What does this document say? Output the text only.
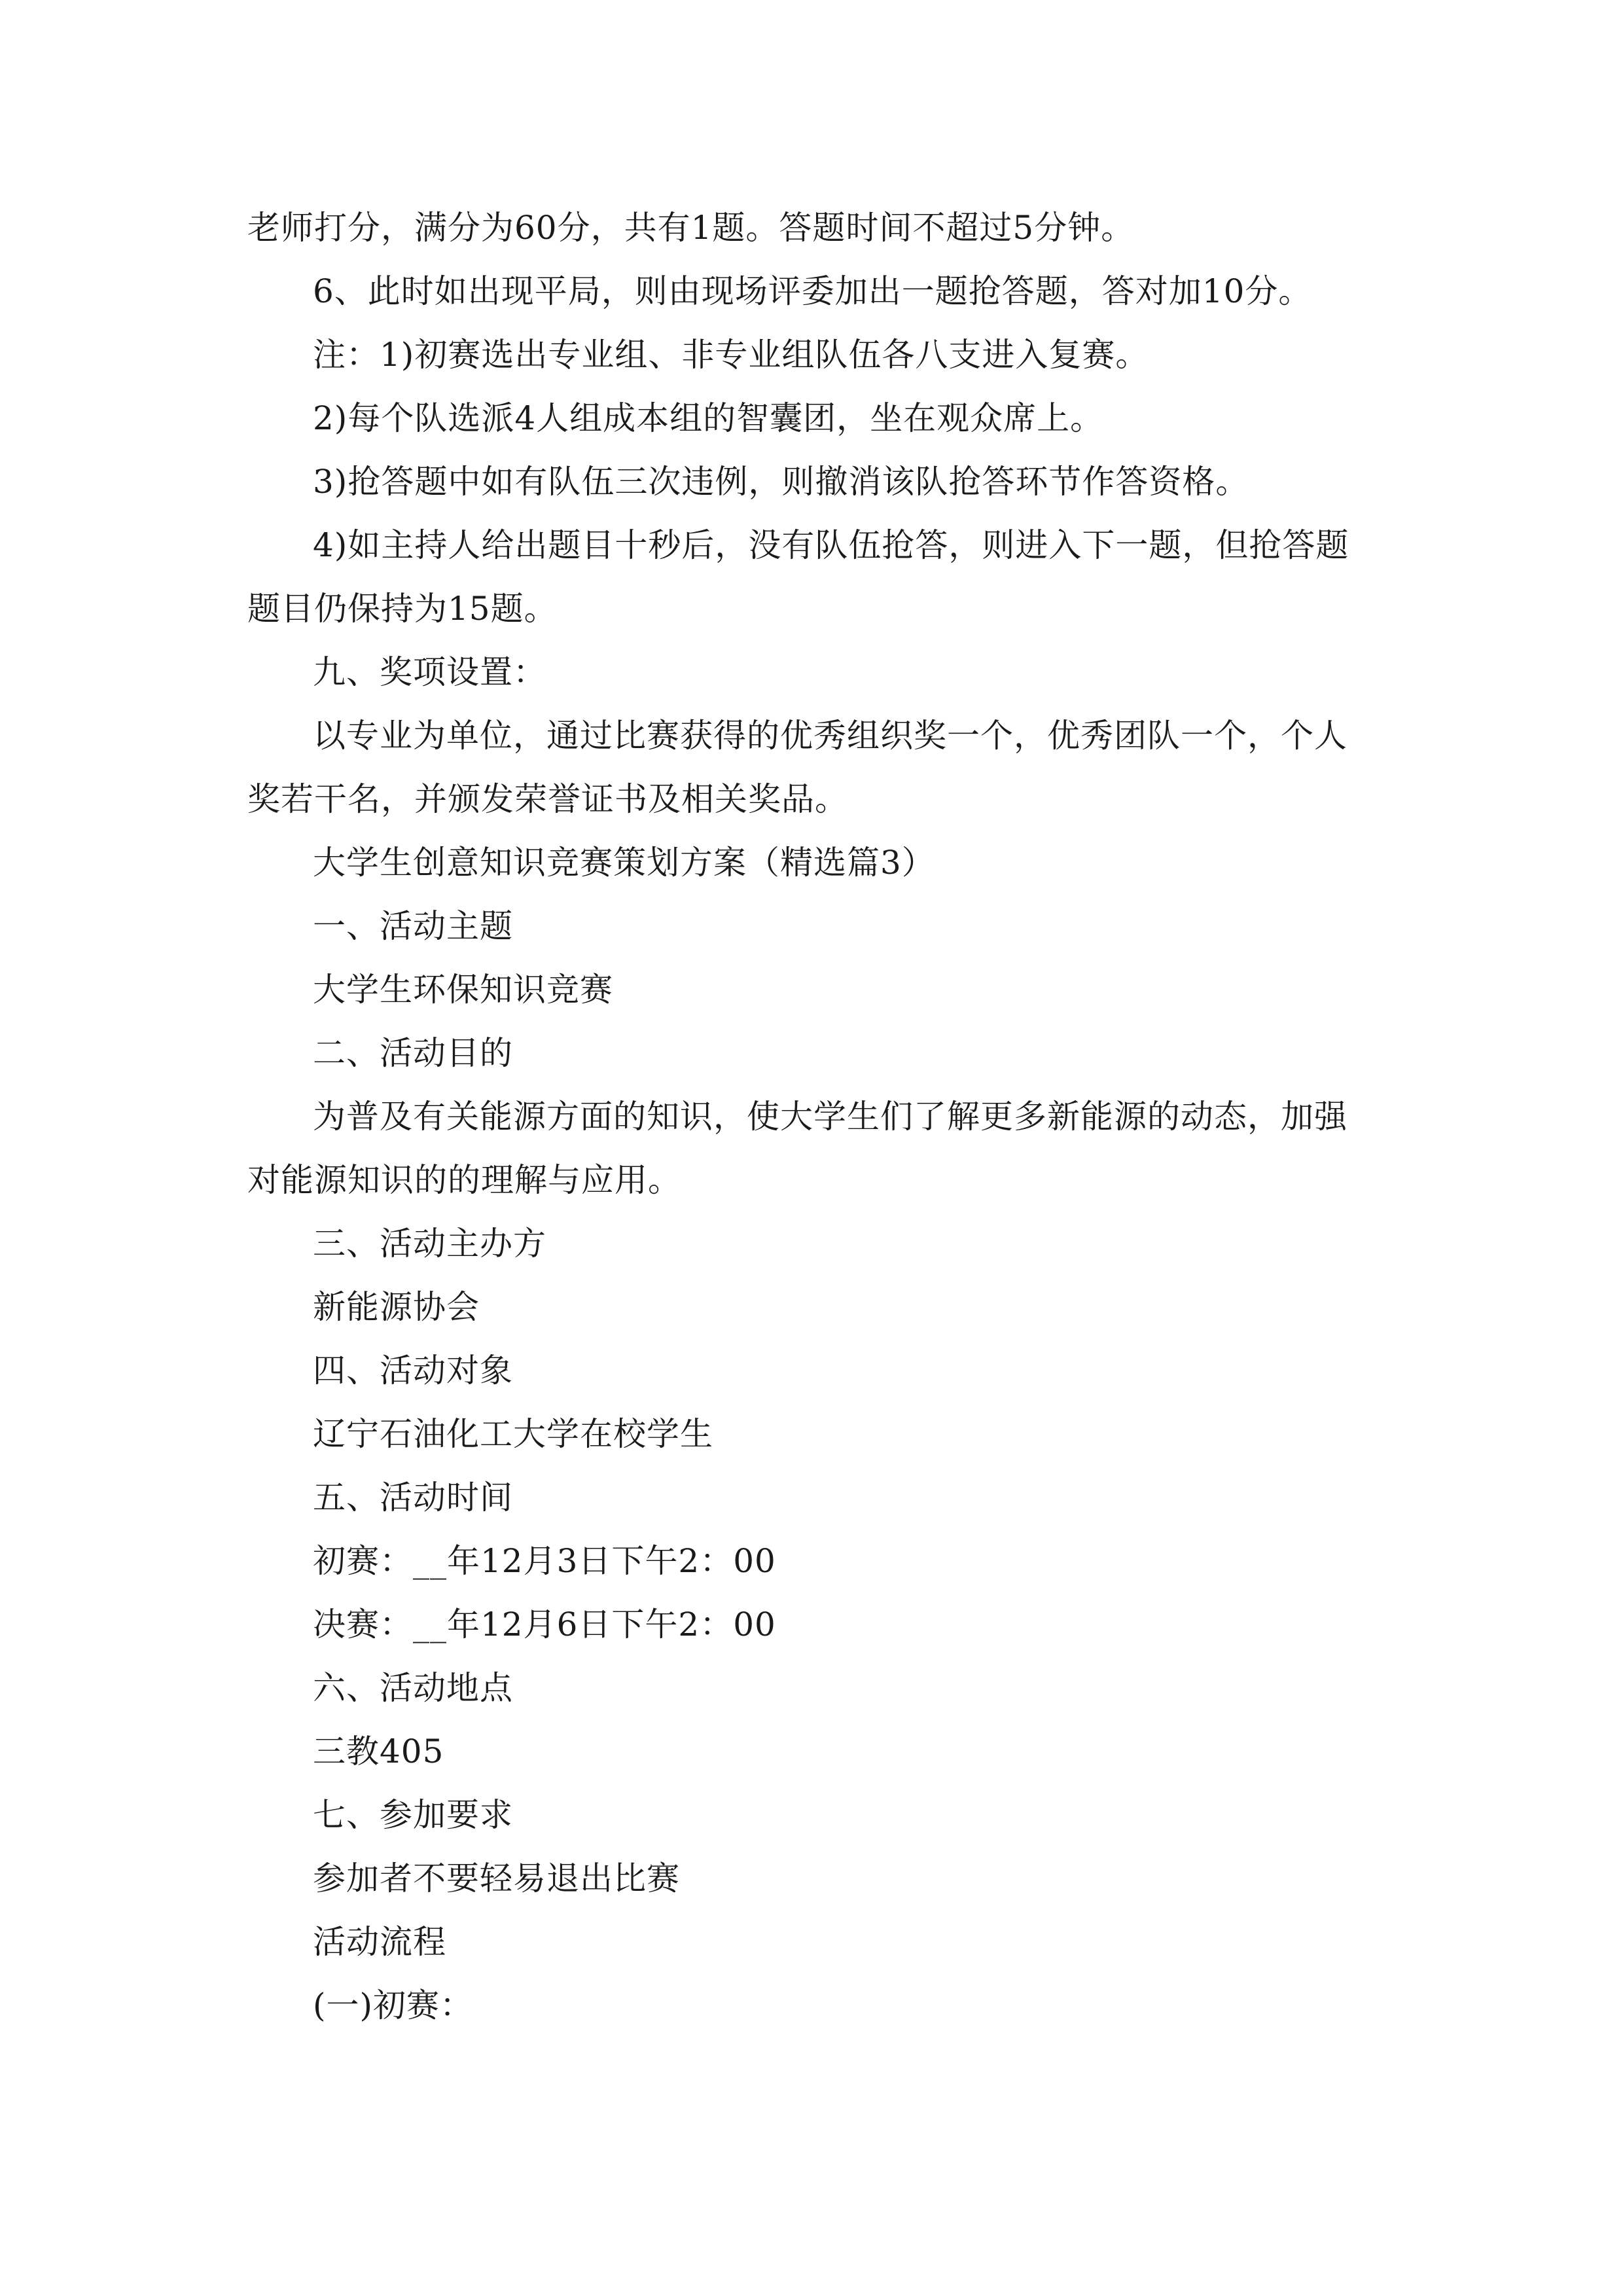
老师打分，满分为60分，共有1题。答题时间不超过5分钟。

6、此时如出现平局，则由现场评委加出一题抢答题，答对加10分。

注：1)初赛选出专业组、非专业组队伍各八支进入复赛。

2)每个队选派4人组成本组的智囊团，坐在观众席上。

3)抢答题中如有队伍三次违例，则撤消该队抢答环节作答资格。

4)如主持人给出题目十秒后，没有队伍抢答，则进入下一题，但抢答题题目仍保持为15题。

九、奖项设置：

以专业为单位，通过比赛获得的优秀组织奖一个，优秀团队一个，个人奖若干名，并颁发荣誉证书及相关奖品。

大学生创意知识竞赛策划方案（精选篇3）

一、活动主题

大学生环保知识竞赛

二、活动目的

为普及有关能源方面的知识，使大学生们了解更多新能源的动态，加强对能源知识的的理解与应用。

三、活动主办方

新能源协会

四、活动对象

辽宁石油化工大学在校学生

五、活动时间

初赛：__年12月3日下午2：00

决赛：__年12月6日下午2：00

六、活动地点

三教405

七、参加要求

参加者不要轻易退出比赛

活动流程

(一)初赛：
